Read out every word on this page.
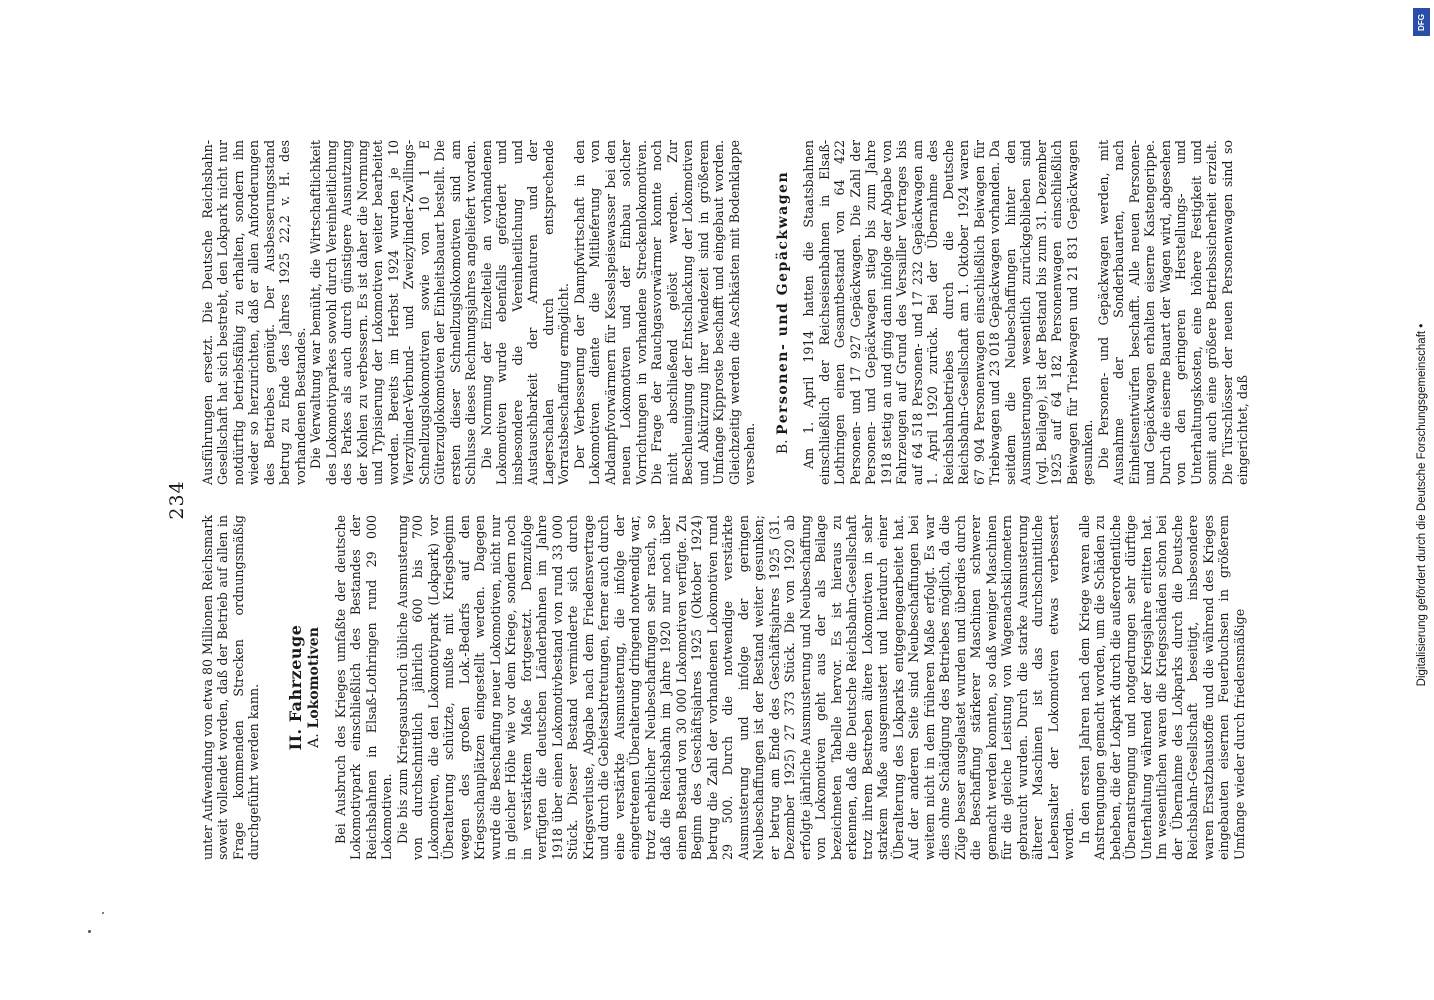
234

unter Aufwendung von etwa 80 Millionen Reichsmark soweit vollendet worden, daß der Betrieb auf allen in Frage kommenden Strecken ordnungsmäßig durchgeführt werden kann. II. Fahrzeuge A. Lokomotiven Bei Ausbruch des Krieges umfaßte der deutsche Lokomotivpark einschließlich des Bestandes der Reichsbahnen in Elsaß-Lothringen rund 29 000 Lokomotiven. Die bis zum Kriegsausbruch übliche Ausmusterung von durchschnittlich jährlich 600 bis 700 Lokomotiven, die den Lokomotivpark (Lokpark) vor Überalterung schützte, mußte mit Kriegsbeginn wegen des großen Lok.-Bedarfs auf den Kriegsschauplätzen eingestellt werden. Dagegen wurde die Beschaffung neuer Lokomotiven, nicht nur in gleicher Höhe wie vor dem Kriege, sondern noch in verstärktem Maße fortgesetzt. Demzufolge verfügten die deutschen Länderbahnen im Jahre 1918 über einen Lokomotivbestand von rund 33 000 Stück. Dieser Bestand verminderte sich durch Kriegsverluste, Abgabe nach dem Friedensvertrage und durch die Gebietsabtretungen, ferner auch durch eine verstärkte Ausmusterung, die infolge der eingetretenen Überalterung dringend notwendig war, trotz erheblicher Neubeschaffungen sehr rasch, so daß die Reichsbahn im Jahre 1920 nur noch über einen Bestand von 30 000 Lokomotiven verfügte. Zu Beginn des Geschäftsjahres 1925 (Oktober 1924) betrug die Zahl der vorhandenen Lokomotiven rund 29 500. Durch die notwendige verstärkte Ausmusterung und infolge der geringen Neubeschaffungen ist der Bestand weiter gesunken; er betrug am Ende des Geschäftsjahres 1925 (31. Dezember 1925) 27 373 Stück. Die von 1920 ab erfolgte jährliche Ausmusterung und Neubeschaffung von Lokomotiven geht aus der als Beilage bezeichneten Tabelle hervor. Es ist hieraus zu erkennen, daß die Deutsche Reichsbahn-Gesellschaft trotz ihrem Bestreben ältere Lokomotiven in sehr starkem Maße ausgemustert und hierdurch einer Überalterung des Lokparks entgegengearbeitet hat. Auf der anderen Seite sind Neubeschaffungen bei weitem nicht in dem früheren Maße erfolgt. Es war dies ohne Schädigung des Betriebes möglich, da die Züge besser ausgelastet wurden und überdies durch die Beschaffung stärkerer Maschinen schwerer gemacht werden konnten, so daß weniger Maschinen für die gleiche Leistung von Wagenachskilometern gebraucht wurden. Durch die starke Ausmusterung älterer Maschinen ist das durchschnittliche Lebensalter der Lokomotiven etwas verbessert worden. In den ersten Jahren nach dem Kriege waren alle Anstrengungen gemacht worden, um die Schäden zu beheben, die der Lokpark durch die außerordentliche Überanstrengung und notgedrungen sehr dürftige Unterhaltung während der Kriegsjahre erlitten hat. Im wesentlichen waren die Kriegsschäden schon bei der Übernahme des Lokparks durch die Deutsche Reichsbahn-Gesellschaft beseitigt, insbesondere waren Ersatzbaustoffe und die während des Krieges eingebauten eisernen Feuerbuchsen in größerem Umfange wieder durch friedensmäßige

Ausführungen ersetzt. Die Deutsche Reichsbahn-Gesellschaft hat sich bestrebt, den Lokpark nicht nur notdürftig betriebsfähig zu erhalten, sondern ihn wieder so herzurichten, daß er allen Anforderungen des Betriebes genügt. Der Ausbesserungsstand betrug zu Ende des Jahres 1925 22,2 v. H. des vorhandenen Bestandes. Die Verwaltung war bemüht, die Wirtschaftlichkeit des Lokomotivparkes sowohl durch Vereinheitlichung des Parkes als auch durch günstigere Ausnutzung der Kohlen zu verbessern. Es ist daher die Normung und Typisierung der Lokomotiven weiter bearbeitet worden. Bereits im Herbst 1924 wurden je 10 Vierzylinder-Verbund- und Zweizylinder-Zwillings-Schnellzugslokomotiven sowie von 10 1 E Güterzuglokomotiven der Einheitsbauart bestellt. Die ersten dieser Schnellzugslokomotiven sind am Schlusse dieses Rechnungsjahres angeliefert worden. Die Normung der Einzelteile an vorhandenen Lokomotiven wurde ebenfalls gefördert und insbesondere die Vereinheitlichung und Austauschbarkeit der Armaturen und der Lagerschalen durch entsprechende Vorratsbeschaffung ermöglicht. Der Verbesserung der Dampfwirtschaft in den Lokomotiven diente die Mitlieferung von Abdampfvorwärmern für Kesselspeisewasser bei den neuen Lokomotiven und der Einbau solcher Vorrichtungen in vorhandene Streckenlokomotiven. Die Frage der Rauchgasvorwärmer konnte noch nicht abschließend gelöst werden. Zur Beschleunigung der Entschlackung der Lokomotiven und Abkürzung ihrer Wendezeit sind in größerem Umfange Kipproste beschafft und eingebaut worden. Gleichzeitig werden die Aschkästen mit Bodenklappe versehen. B. Personen- und Gepäckwagen Am 1. April 1914 hatten die Staatsbahnen einschließlich der Reichseisenbahnen in Elsaß-Lothringen einen Gesamtbestand von 64 422 Personen- und 17 927 Gepäckwagen. Die Zahl der Personen- und Gepäckwagen stieg bis zum Jahre 1918 stetig an und ging dann infolge der Abgabe von Fahrzeugen auf Grund des Versailler Vertrages bis auf 64 518 Personen- und 17 232 Gepäckwagen am 1. April 1920 zurück. Bei der Übernahme des Reichsbahnbetriebes durch die Deutsche Reichsbahn-Gesellschaft am 1. Oktober 1924 waren 67 904 Personenwagen einschließlich Beiwagen für Triebwagen und 23 018 Gepäckwagen vorhanden. Da seitdem die Neubeschaffungen hinter den Ausmusterungen wesentlich zurückgeblieben sind (vgl. Beilage), ist der Bestand bis zum 31. Dezember 1925 auf 64 182 Personenwagen einschließlich Beiwagen für Triebwagen und 21 831 Gepäckwagen gesunken. Die Personen- und Gepäckwagen werden, mit Ausnahme der Sonderbauarten, nach Einheitsentwürfen beschafft. Alle neuen Personen- und Gepäckwagen erhalten eiserne Kastengerippe. Durch die eiserne Bauart der Wagen wird, abgesehen von den geringeren Herstellungs- und Unterhaltungskosten, eine höhere Festigkeit und somit auch eine größere Betriebssicherheit erzielt. Die Türschlösser der neuen Personenwagen sind so eingerichtet, daß

DFG
Digitalisierung gefördert durch die Deutsche Forschungsgemeinschaft •
